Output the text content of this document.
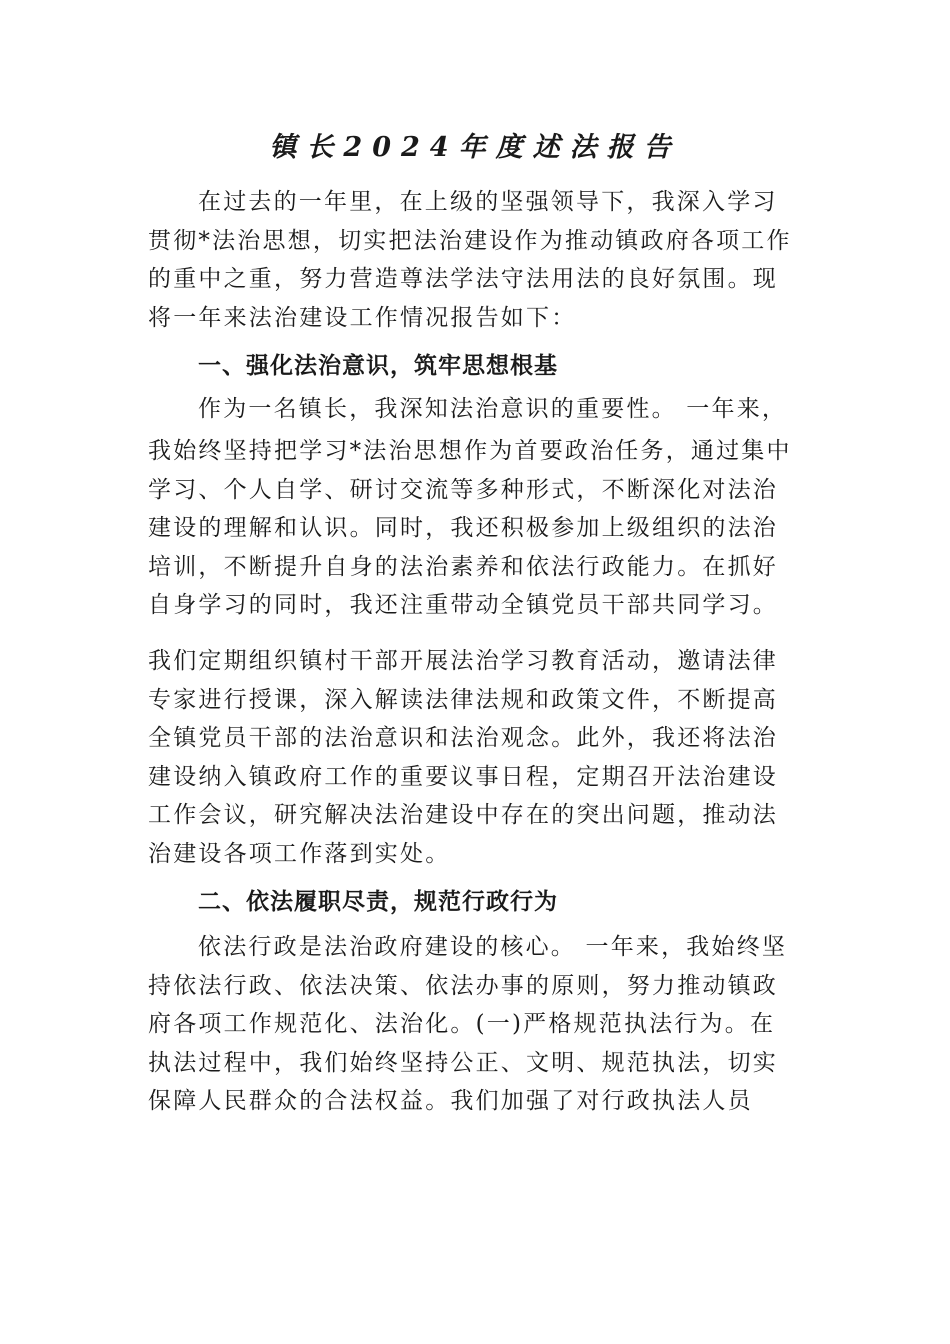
镇长2024年度述法报告

在过去的一年里，在上级的坚强领导下，我深入学习贯彻*法治思想，切实把法治建设作为推动镇政府各项工作的重中之重，努力营造尊法学法守法用法的良好氛围。现将一年来法治建设工作情况报告如下：

一、强化法治意识，筑牢思想根基

作为一名镇长，我深知法治意识的重要性。 一年来，

我始终坚持把学习*法治思想作为首要政治任务，通过集中学习、个人自学、研讨交流等多种形式，不断深化对法治建设的理解和认识。同时，我还积极参加上级组织的法治培训，不断提升自身的法治素养和依法行政能力。在抓好自身学习的同时，我还注重带动全镇党员干部共同学习。

我们定期组织镇村干部开展法治学习教育活动，邀请法律专家进行授课，深入解读法律法规和政策文件，不断提高全镇党员干部的法治意识和法治观念。此外，我还将法治建设纳入镇政府工作的重要议事日程，定期召开法治建设工作会议，研究解决法治建设中存在的突出问题，推动法治建设各项工作落到实处。

二、依法履职尽责，规范行政行为

依法行政是法治政府建设的核心。 一年来，我始终坚持依法行政、依法决策、依法办事的原则，努力推动镇政府各项工作规范化、法治化。(一)严格规范执法行为。在执法过程中，我们始终坚持公正、文明、规范执法，切实保障人民群众的合法权益。我们加强了对行政执法人员
